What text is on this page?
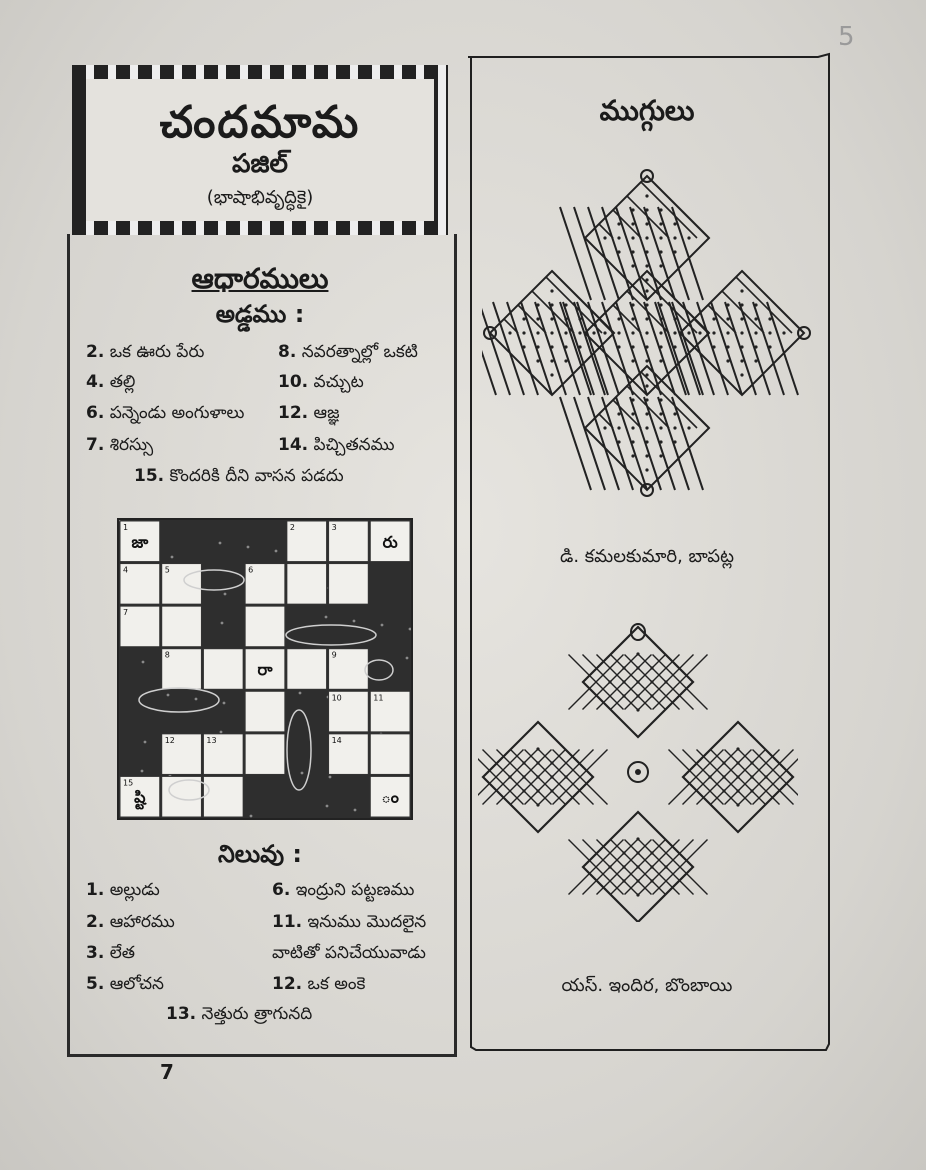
5
చందమామ
పజిల్
(భాషాభివృద్ధికై)
ఆధారములు
అడ్డము :
2. ఒక ఊరు పేరు	8. నవరత్నాల్లో ఒకటి
4. తల్లి	10. వచ్చుట
6. పన్నెండు అంగుళాలు 12. ఆజ్ఞ
7. శిరస్సు	14. పిచ్చితనము
15. కొందరికి దీని వాసన పడదు
1
జా
2	3
రు
4	5	6
7
8
రా
9
10	11
12	13	14
15
ష్టి	ం
నిలువు :
1. అల్లుడు	6. ఇంద్రుని పట్టణము
2. ఆహారము	11. ఇనుము మొదలైన
3. లేత	వాటితో పనిచేయువాడు
5. ఆలోచన	12. ఒక అంకె
13. నెత్తురు త్రాగునది
7
ముగ్గులు
డి. కమలకుమారి, బాపట్ల
యస్. ఇందిర, బొంబాయి
